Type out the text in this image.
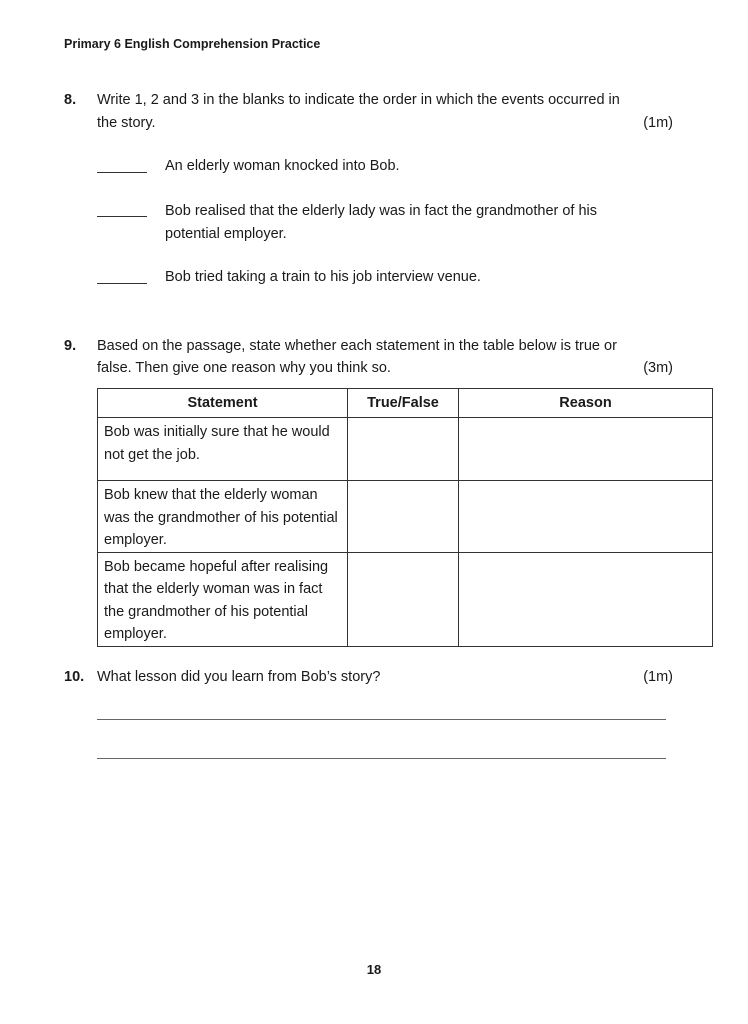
Primary 6 English Comprehension Practice
8. Write 1, 2 and 3 in the blanks to indicate the order in which the events occurred in
the story.	(1m)
An elderly woman knocked into Bob.
Bob realised that the elderly lady was in fact the grandmother of his potential employer.
Bob tried taking a train to his job interview venue.
9. Based on the passage, state whether each statement in the table below is true or
false. Then give one reason why you think so.	(3m)
Statement	True/False	Reason
Bob was initially sure that he would not get the job.		
Bob knew that the elderly woman was the grandmother of his potential employer.		
Bob became hopeful after realising that the elderly woman was in fact the grandmother of his potential employer.		
10. What lesson did you learn from Bob’s story?	(1m)
18
